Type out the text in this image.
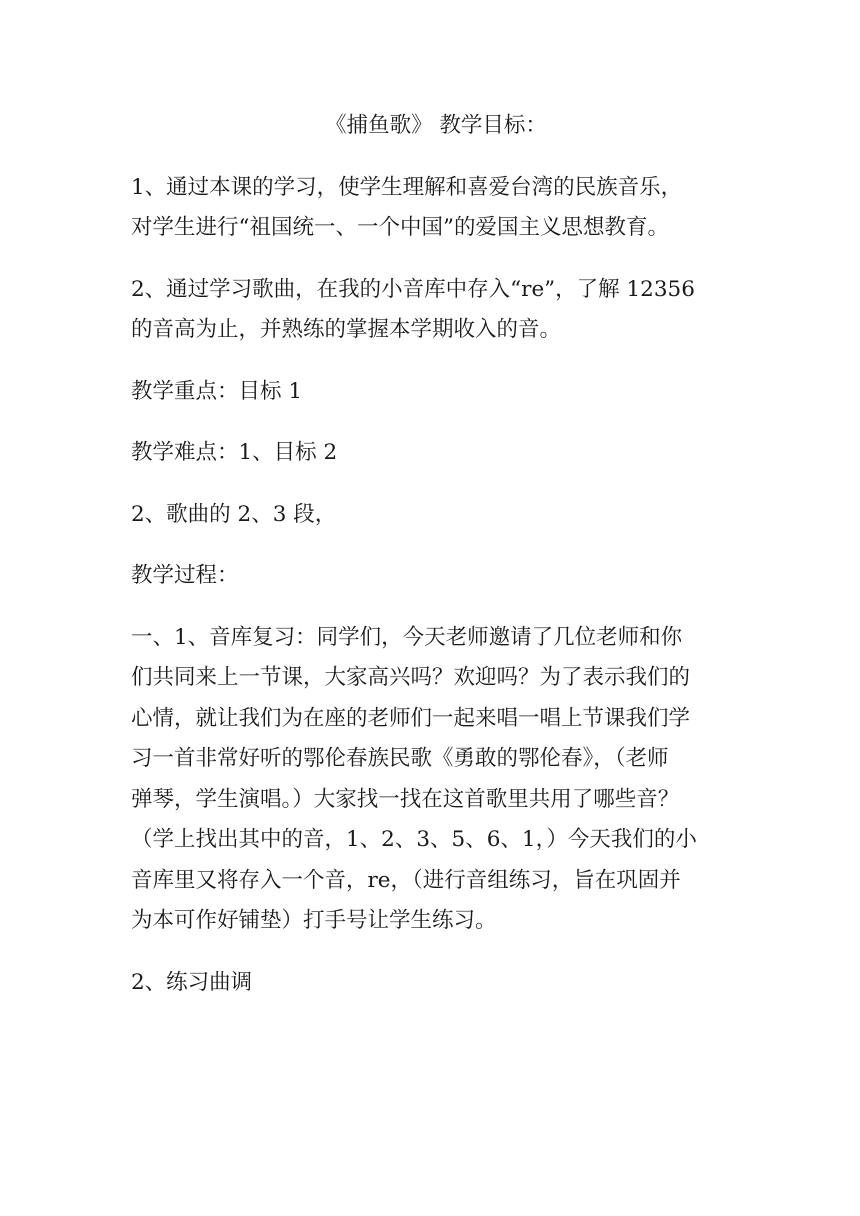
《捕鱼歌》 教学目标：
1、通过本课的学习，使学生理解和喜爱台湾的民族音乐，
对学生进行“祖国统一、一个中国”的爱国主义思想教育。
2、通过学习歌曲，在我的小音库中存入“re”，了解 12356
的音高为止，并熟练的掌握本学期收入的音。
教学重点：目标 1
教学难点：1、目标 2
2、歌曲的 2、3 段，
教学过程：
一、1、音库复习：同学们，今天老师邀请了几位老师和你
们共同来上一节课，大家高兴吗？欢迎吗？为了表示我们的
心情，就让我们为在座的老师们一起来唱一唱上节课我们学
习一首非常好听的鄂伦春族民歌《勇敢的鄂伦春》，（老师
弹琴，学生演唱。）大家找一找在这首歌里共用了哪些音？
（学上找出其中的音，1、2、3、5、6、1，）今天我们的小
音库里又将存入一个音，re，（进行音组练习，旨在巩固并
为本可作好铺垫）打手号让学生练习。
2、练习曲调
